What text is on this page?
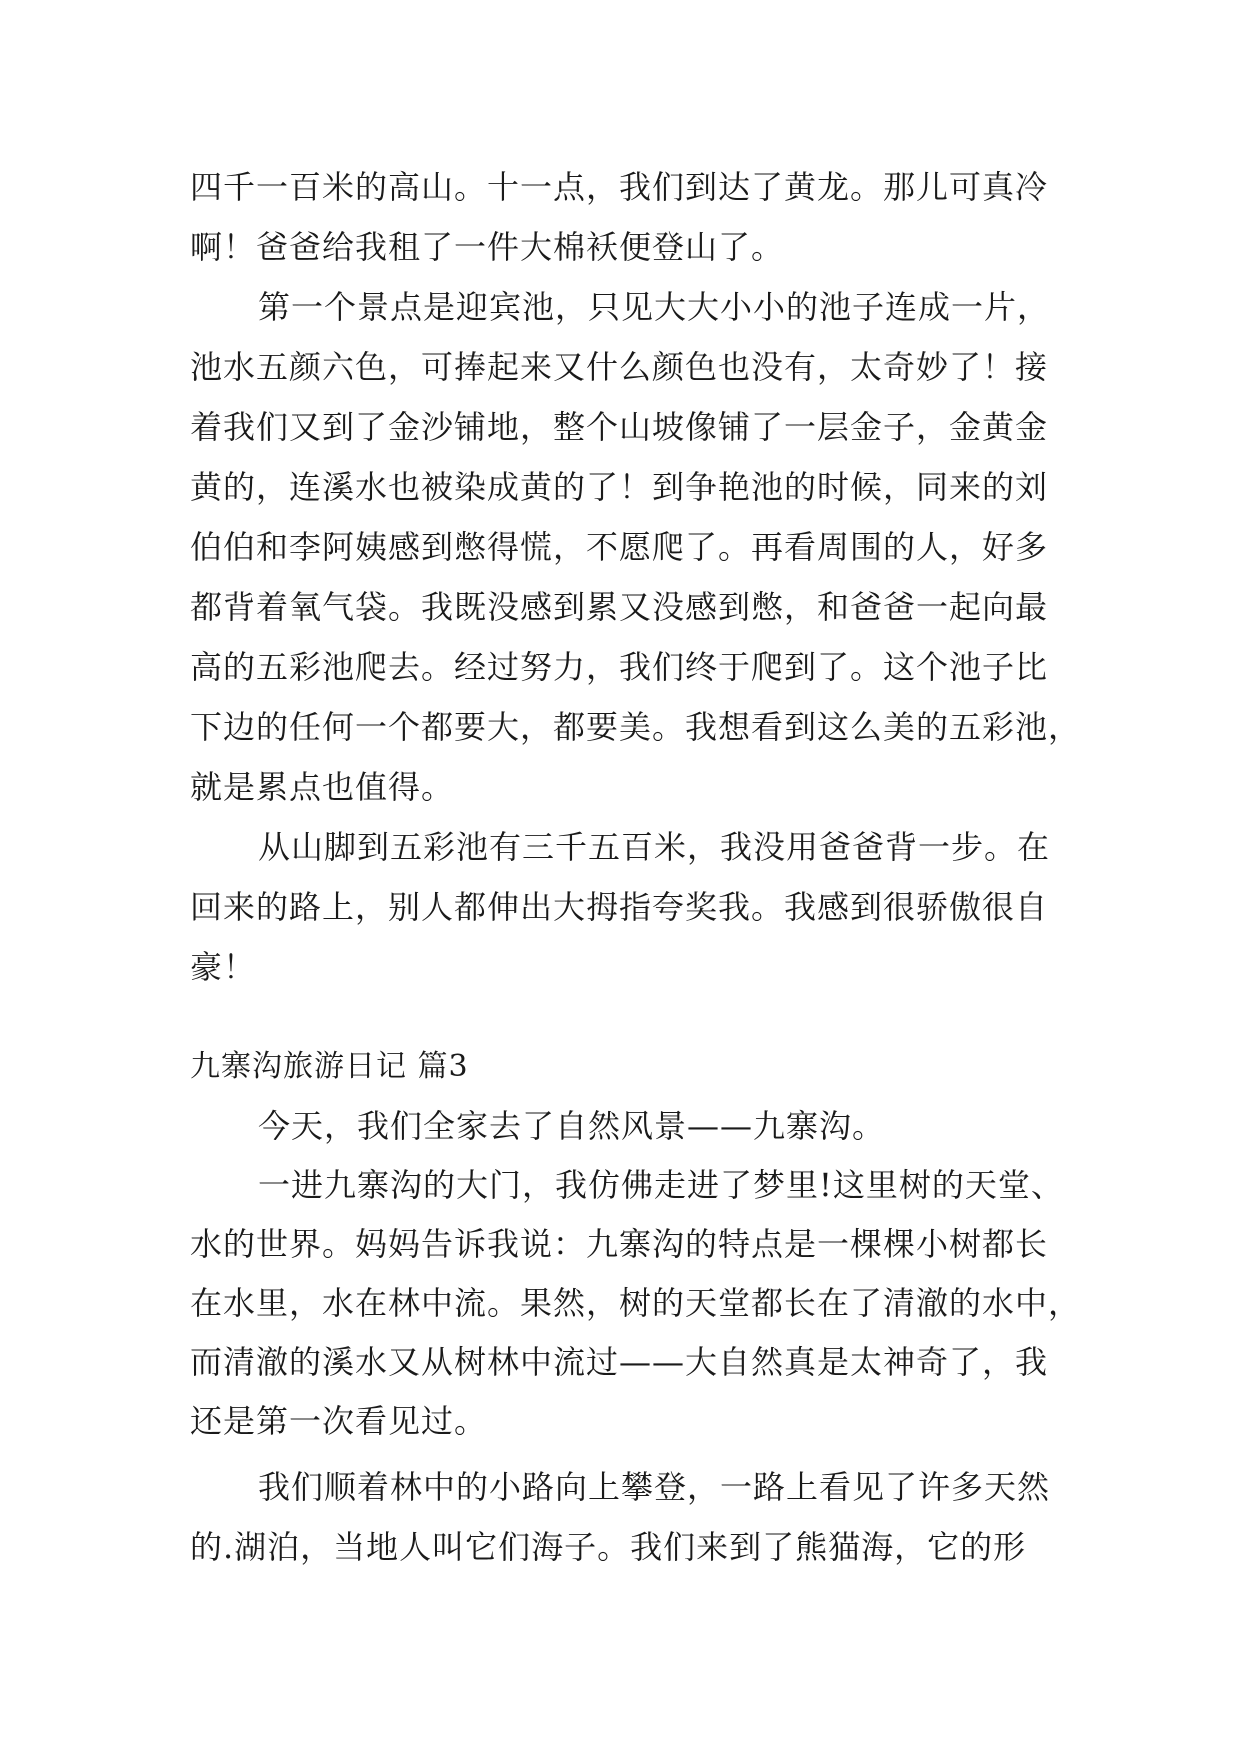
四千一百米的高山。十一点，我们到达了黄龙。那儿可真冷
啊！爸爸给我租了一件大棉袄便登山了。
第一个景点是迎宾池，只见大大小小的池子连成一片，
池水五颜六色，可捧起来又什么颜色也没有，太奇妙了！接
着我们又到了金沙铺地，整个山坡像铺了一层金子，金黄金
黄的，连溪水也被染成黄的了！到争艳池的时候，同来的刘
伯伯和李阿姨感到憋得慌，不愿爬了。再看周围的人，好多
都背着氧气袋。我既没感到累又没感到憋，和爸爸一起向最
高的五彩池爬去。经过努力，我们终于爬到了。这个池子比
下边的任何一个都要大，都要美。我想看到这么美的五彩池，
就是累点也值得。
从山脚到五彩池有三千五百米，我没用爸爸背一步。在
回来的路上，别人都伸出大拇指夸奖我。我感到很骄傲很自
豪！
九寨沟旅游日记 篇3
今天，我们全家去了自然风景——九寨沟。
一进九寨沟的大门，我仿佛走进了梦里!这里树的天堂、
水的世界。妈妈告诉我说：九寨沟的特点是一棵棵小树都长
在水里，水在林中流。果然，树的天堂都长在了清澈的水中，
而清澈的溪水又从树林中流过——大自然真是太神奇了，我
还是第一次看见过。
我们顺着林中的小路向上攀登，一路上看见了许多天然
的.湖泊，当地人叫它们海子。我们来到了熊猫海，它的形
